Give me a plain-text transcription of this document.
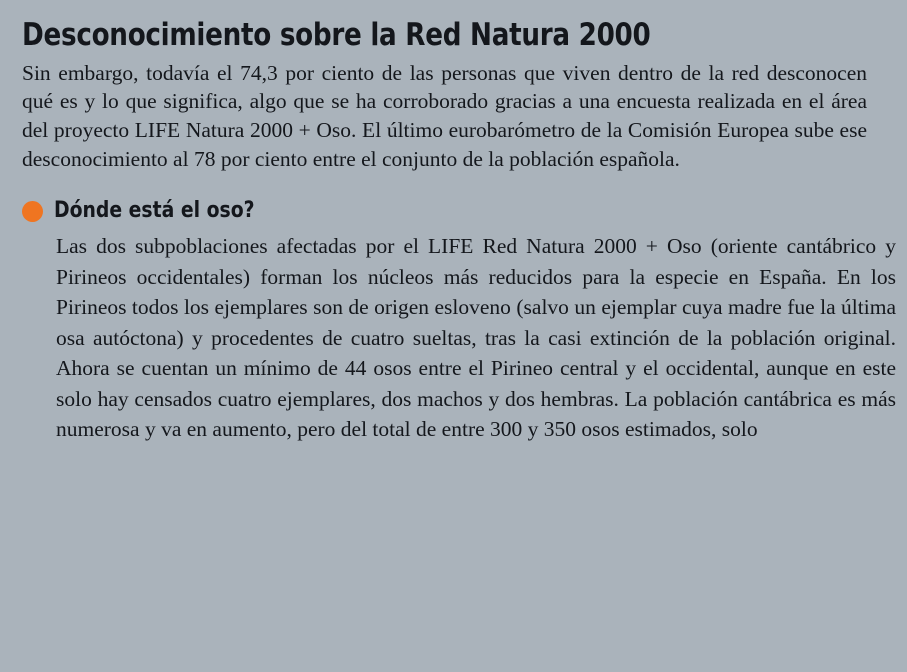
Desconocimiento sobre la Red Natura 2000

Sin embargo, todavía el 74,3 por ciento de las personas que viven dentro de la red desconocen qué es y lo que significa, algo que se ha corroborado gracias a una encuesta realizada en el área del proyecto LIFE Natura 2000 + Oso. El último eurobarómetro de la Comisión Europea sube ese desconocimiento al 78 por ciento entre el conjunto de la población española.

Dónde está el oso?

Las dos subpoblaciones afectadas por el LIFE Red Natura 2000 + Oso (oriente cantábrico y Pirineos occidentales) forman los núcleos más reducidos para la especie en España. En los Pirineos todos los ejemplares son de origen esloveno (salvo un ejemplar cuya madre fue la última osa autóctona) y procedentes de cuatro sueltas, tras la casi extinción de la población original. Ahora se cuentan un mínimo de 44 osos entre el Pirineo central y el occidental, aunque en este solo hay censados cuatro ejemplares, dos machos y dos hembras. La población cantábrica es más numerosa y va en aumento, pero del total de entre 300 y 350 osos estimados, solo
